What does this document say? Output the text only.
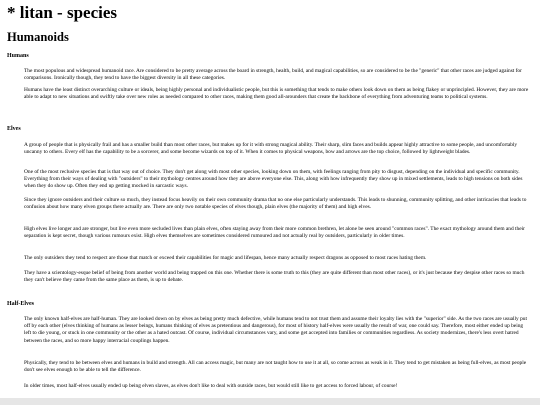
* litan - species
Humanoids
Humans

The most populous and widespread humanoid race. Are considered to be pretty average across the board in strength, health, build, and magical capabilities, so are considered to be the "generic" that other races are judged against for comparisons. Ironically though, they tend to have the biggest diversity in all these categories.

Humans have the least distinct overarching culture or ideals, being highly personal and individualistic people, but this is something that tends to make others look down on them as being flakey or unprincipled. However, they are more able to adapt to new situations and swiftly take over new roles as needed compared to other races, making them good all-arounders that create the backbone of everything from adventuring teams to political systems.

Elves

A group of people that is physically frail and has a smaller build than most other races, but makes up for it with strong magical ability. Their sharp, slim faces and builds appear highly attractive to some people, and uncomfortably uncanny to others. Every elf has the capability to be a sorcerer, and some become wizards on top of it. When it comes to physical weapons, bow and arrows are the top choice, followed by lightweight blades.

One of the most reclusive species that is that way out of choice. They don't get along with most other species, looking down on them, with feelings ranging from pity to disgust, depending on the individual and specific community. Everything from their ways of dealing with "outsiders" to their mythology centres around how they are above everyone else. This, along with how infrequently they show up in mixed settlements, leads to high tensions on both sides when they do show up. Often they end up getting mocked in sarcastic ways.

Since they ignore outsiders and their culture so much, they instead focus heavily on their own community drama that no one else particularly understands. This leads to shunning, community splitting, and other intricacies that leads to confusion about how many elven groups there actually are. There are only two notable species of elves though, plain elves (the majority of them) and high elves.

High elves live longer and are stronger, but live even more secluded lives than plain elves, often staying away from their more common brethren, let alone be seen around "common races". The exact mythology around them and their separation is kept secret, though various rumours exist. High elves themselves are sometimes considered rumoured and not actually real by outsiders, particularly in older times.

The only outsiders they tend to respect are those that match or exceed their capabilities for magic and lifespan, hence many actually respect dragons as opposed to most races hating them.

They have a scientology-esque belief of being from another world and being trapped on this one. Whether there is some truth to this (they are quite different than most other races), or it's just because they despise other races so much they can't believe they came from the same place as them, is up to debate.

Half-Elves

The only known half-elves are half-human. They are looked down on by elves as being pretty much defective, while humans tend to not trust them and assume their loyalty lies with the "superior" side. As the two races are usually put off by each other (elves thinking of humans as lesser beings, humans thinking of elves as pretentious and dangerous), for most of history half-elves were usually the result of war, one could say. Therefore, most either ended up being left to die young, or stuck in one community or the other as a hated outcast. Of course, individual circumstances vary, and some get accepted into families or communities regardless. As society modernizes, there's less overt hatred between the races, and so more happy interracial couplings happen.

Physically, they tend to be between elves and humans in build and strength. All can access magic, but many are not taught how to use it at all, so come across as weak in it. They tend to get mistaken as being full-elves, as most people don't see elves enough to be able to tell the difference.

In older times, most half-elves usually ended up being elven slaves, as elves don't like to deal with outside races, but would still like to get access to forced labour, of course!
